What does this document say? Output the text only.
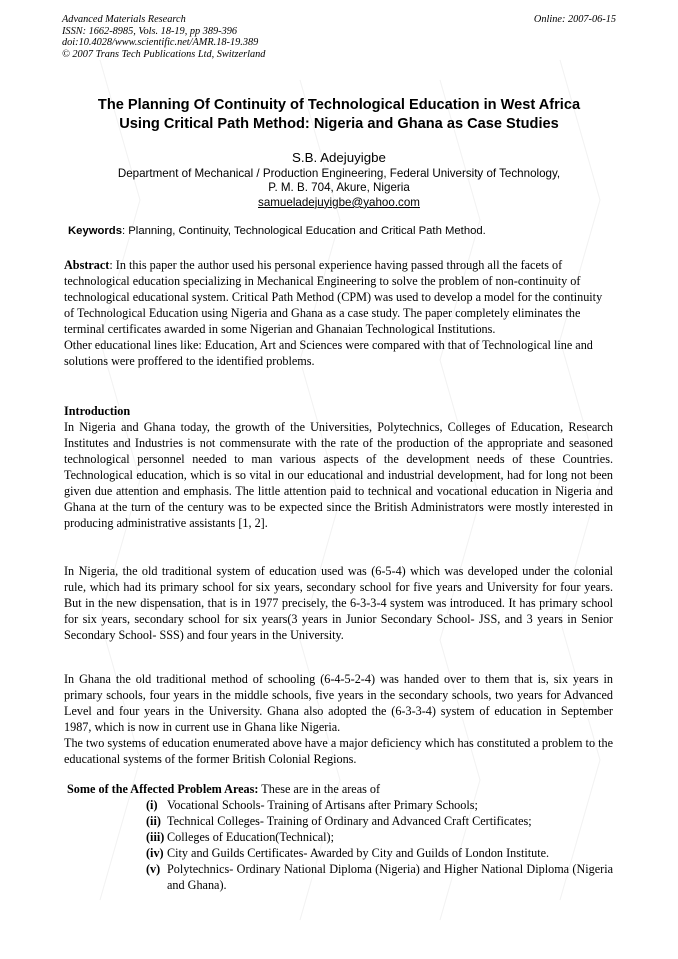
Advanced Materials Research
ISSN: 1662-8985, Vols. 18-19, pp 389-396
doi:10.4028/www.scientific.net/AMR.18-19.389
© 2007 Trans Tech Publications Ltd, Switzerland
Online: 2007-06-15
The Planning Of Continuity of Technological Education in West Africa
Using Critical Path Method: Nigeria and Ghana as Case Studies
S.B. Adejuyigbe
Department of Mechanical / Production Engineering, Federal University of Technology,
P. M. B. 704, Akure, Nigeria
samueladejuyigbe@yahoo.com
Keywords: Planning, Continuity, Technological Education and Critical Path Method.

Abstract: In this paper the author used his personal experience having passed through all the facets of technological education specializing in Mechanical Engineering to solve the problem of non-continuity of technological educational system. Critical Path Method (CPM) was used to develop a model for the continuity of Technological Education using Nigeria and Ghana as a case study. The paper completely eliminates the terminal certificates awarded in some Nigerian and Ghanaian Technological Institutions.

Other educational lines like: Education, Art and Sciences were compared with that of Technological line and solutions were proffered to the identified problems.

Introduction

In Nigeria and Ghana today, the growth of the Universities, Polytechnics, Colleges of Education, Research Institutes and Industries is not commensurate with the rate of the production of the appropriate and seasoned technological personnel needed to man various aspects of the development needs of these Countries. Technological education, which is so vital in our educational and industrial development, had for long not been given due attention and emphasis. The little attention paid to technical and vocational education in Nigeria and Ghana at the turn of the century was to be expected since the British Administrators were mostly interested in producing administrative assistants [1, 2].

In Nigeria, the old traditional system of education used was (6-5-4) which was developed under the colonial rule, which had its primary school for six years, secondary school for five years and University for four years. But in the new dispensation, that is in 1977 precisely, the 6-3-3-4 system was introduced. It has primary school for six years, secondary school for six years(3 years in Junior Secondary School- JSS, and 3 years in Senior Secondary School- SSS) and four years in the University.

In Ghana the old traditional method of schooling (6-4-5-2-4) was handed over to them that is, six years in primary schools, four years in the middle schools, five years in the secondary schools, two years for Advanced Level and four years in the University. Ghana also adopted the (6-3-3-4) system of education in September 1987, which is now in current use in Ghana like Nigeria.

The two systems of education enumerated above have a major deficiency which has constituted a problem to the educational systems of the former British Colonial Regions.

Some of the Affected Problem Areas: These are in the areas of
(i) Vocational Schools- Training of Artisans after Primary Schools;
(ii) Technical Colleges- Training of Ordinary and Advanced Craft Certificates;
(iii) Colleges of Education(Technical);
(iv) City and Guilds Certificates- Awarded by City and Guilds of London Institute.
(v) Polytechnics- Ordinary National Diploma (Nigeria) and Higher National Diploma (Nigeria and Ghana).
